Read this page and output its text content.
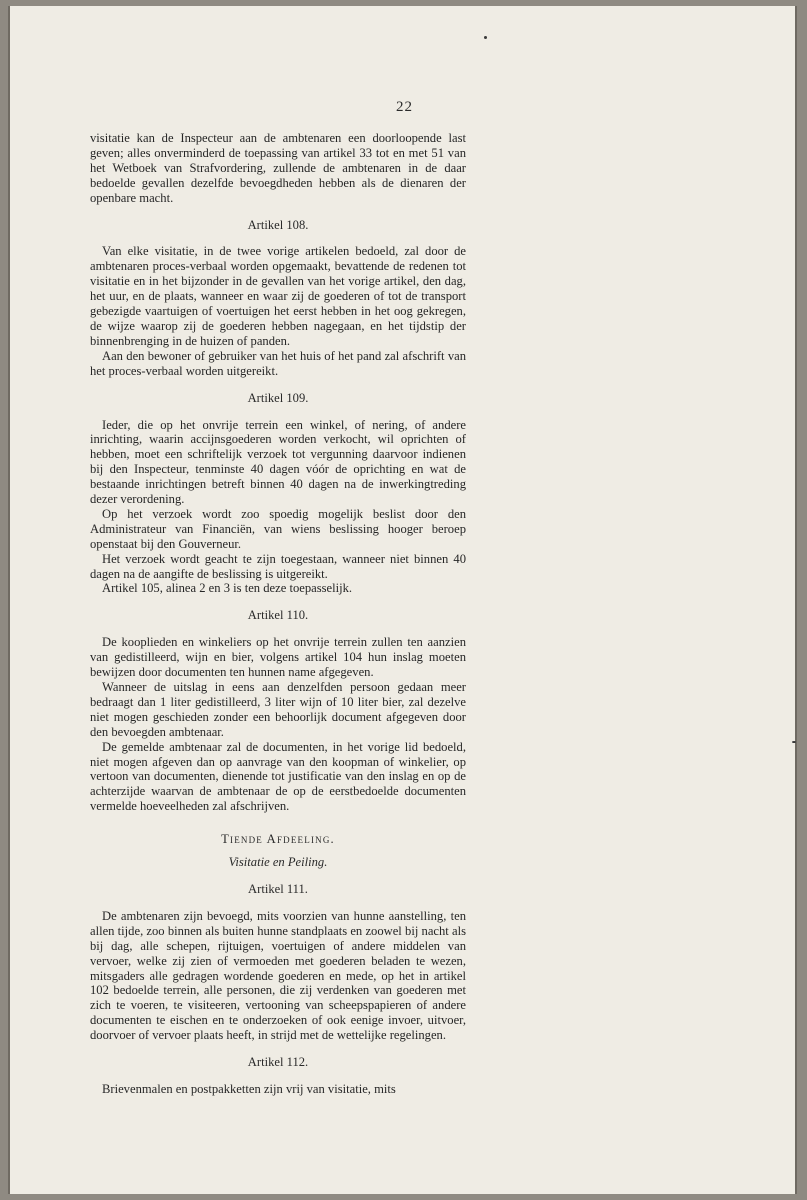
22

visitatie kan de Inspecteur aan de ambtenaren een doorloopende last geven; alles onverminderd de toepassing van artikel 33 tot en met 51 van het Wetboek van Strafvordering, zullende de ambtenaren in de daar bedoelde gevallen dezelfde bevoegdheden hebben als de dienaren der openbare macht.

Artikel 108.

Van elke visitatie, in de twee vorige artikelen bedoeld, zal door de ambtenaren proces-verbaal worden opgemaakt, bevattende de redenen tot visitatie en in het bijzonder in de gevallen van het vorige artikel, den dag, het uur, en de plaats, wanneer en waar zij de goederen of tot de transport gebezigde vaartuigen of voertuigen het eerst hebben in het oog gekregen, de wijze waarop zij de goederen hebben nagegaan, en het tijdstip der binnenbrenging in de huizen of panden.

Aan den bewoner of gebruiker van het huis of het pand zal afschrift van het proces-verbaal worden uitgereikt.

Artikel 109.

Ieder, die op het onvrije terrein een winkel, of nering, of andere inrichting, waarin accijnsgoederen worden verkocht, wil oprichten of hebben, moet een schriftelijk verzoek tot vergunning daarvoor indienen bij den Inspecteur, tenminste 40 dagen vóór de oprichting en wat de bestaande inrichtingen betreft binnen 40 dagen na de inwerkingtreding dezer verordening.

Op het verzoek wordt zoo spoedig mogelijk beslist door den Administrateur van Financiën, van wiens beslissing hooger beroep openstaat bij den Gouverneur.

Het verzoek wordt geacht te zijn toegestaan, wanneer niet binnen 40 dagen na de aangifte de beslissing is uitgereikt.

Artikel 105, alinea 2 en 3 is ten deze toepasselijk.

Artikel 110.

De kooplieden en winkeliers op het onvrije terrein zullen ten aanzien van gedistilleerd, wijn en bier, volgens artikel 104 hun inslag moeten bewijzen door documenten ten hunnen name afgegeven.

Wanneer de uitslag in eens aan denzelfden persoon gedaan meer bedraagt dan 1 liter gedistilleerd, 3 liter wijn of 10 liter bier, zal dezelve niet mogen geschieden zonder een behoorlijk document afgegeven door den bevoegden ambtenaar.

De gemelde ambtenaar zal de documenten, in het vorige lid bedoeld, niet mogen afgeven dan op aanvrage van den koopman of winkelier, op vertoon van documenten, dienende tot justificatie van den inslag en op de achterzijde waarvan de ambtenaar de op de eerstbedoelde documenten vermelde hoeveelheden zal afschrijven.

Tiende Afdeeling.
Visitatie en Peiling.
Artikel 111.

De ambtenaren zijn bevoegd, mits voorzien van hunne aanstelling, ten allen tijde, zoo binnen als buiten hunne standplaats en zoowel bij nacht als bij dag, alle schepen, rijtuigen, voertuigen of andere middelen van vervoer, welke zij zien of vermoeden met goederen beladen te wezen, mitsgaders alle gedragen wordende goederen en mede, op het in artikel 102 bedoelde terrein, alle personen, die zij verdenken van goederen met zich te voeren, te visiteeren, vertooning van scheepspapieren of andere documenten te eischen en te onderzoeken of ook eenige invoer, uitvoer, doorvoer of vervoer plaats heeft, in strijd met de wettelijke regelingen.

Artikel 112.

Brievenmalen en postpakketten zijn vrij van visitatie, mits
